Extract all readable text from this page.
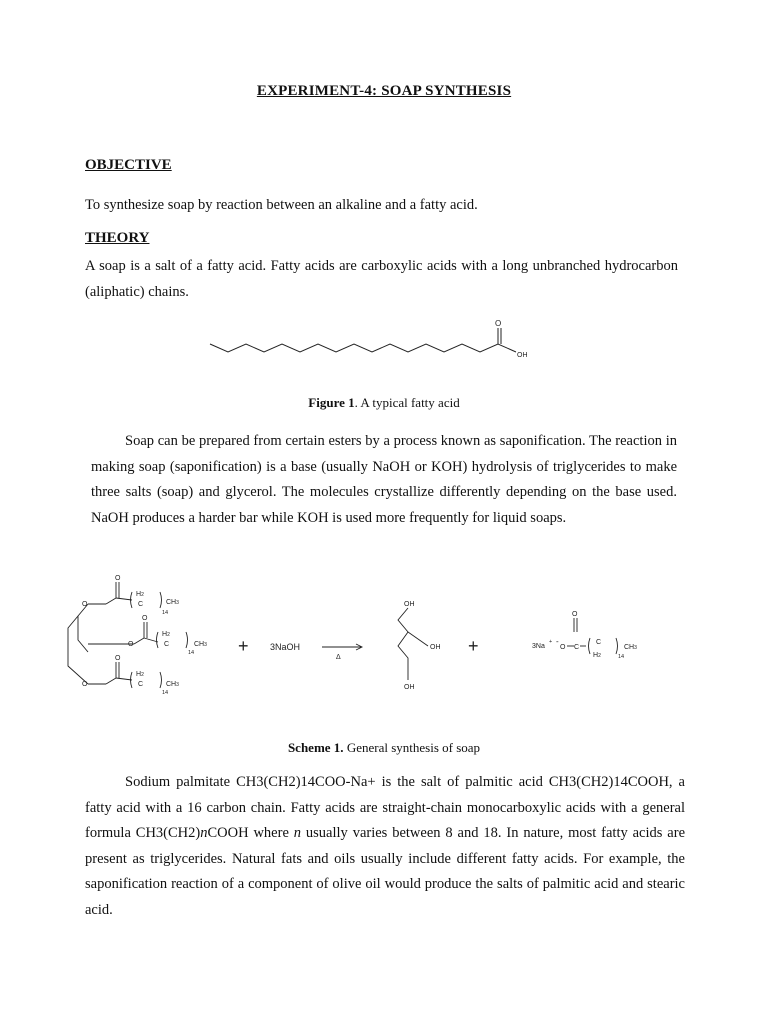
EXPERIMENT-4: SOAP SYNTHESIS
OBJECTIVE
To synthesize soap by reaction between an alkaline and a fatty acid.
THEORY
A soap is a salt of a fatty acid. Fatty acids are carboxylic acids with a long unbranched hydrocarbon (aliphatic) chains.
O
OH
Figure 1. A typical fatty acid
Soap can be prepared from certain esters by a process known as saponification. The reaction in making soap (saponification) is a base (usually NaOH or KOH) hydrolysis of triglycerides to make three salts (soap) and glycerol. The molecules crystallize differently depending on the base used. NaOH produces a harder bar while KOH is used more frequently for liquid soaps.
O
O
H2
C
14
CH3
O
O
H2
C
14
CH3
O
O
H2
C
14
CH3
OH
OH
OH
3Na
+ -
O
O
C
C
H2	14
CH3
+ 3NaOH
Δ
+
Scheme 1. General synthesis of soap
Sodium palmitate CH3(CH2)14COO-Na+ is the salt of palmitic acid CH3(CH2)14COOH, a fatty acid with a 16 carbon chain. Fatty acids are straight-chain monocarboxylic acids with a general formula CH3(CH2)nCOOH where n usually varies between 8 and 18. In nature, most fatty acids are present as triglycerides. Natural fats and oils usually include different fatty acids. For example, the saponification reaction of a component of olive oil would produce the salts of palmitic acid and stearic acid.
